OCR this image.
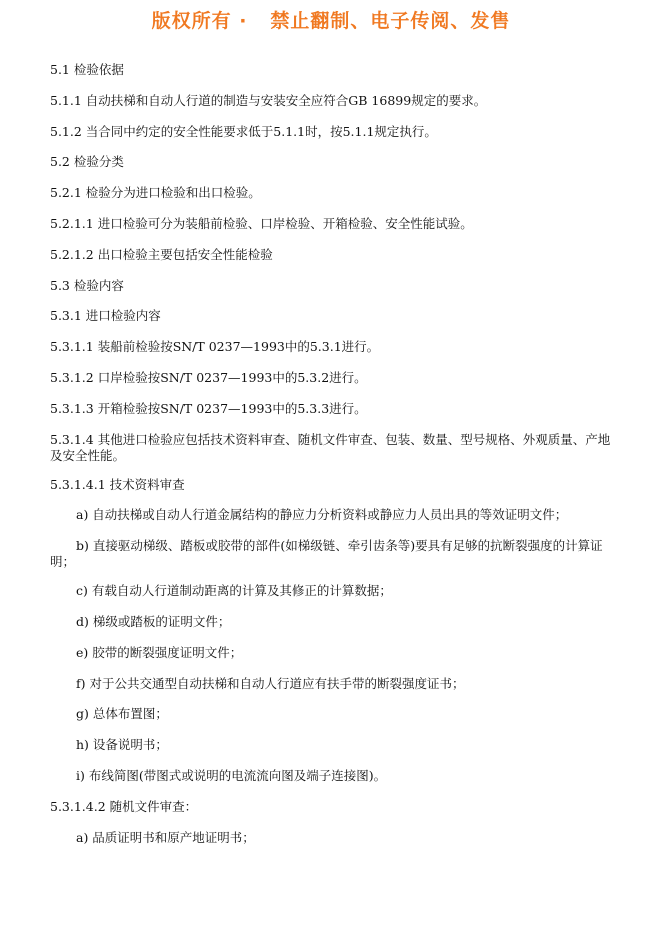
版权所有 ·   禁止翻制、电子传阅、发售

5.1 检验依据

5.1.1 自动扶梯和自动人行道的制造与安装安全应符合GB 16899规定的要求。

5.1.2 当合同中约定的安全性能要求低于5.1.1时，按5.1.1规定执行。

5.2 检验分类

5.2.1 检验分为进口检验和出口检验。

5.2.1.1 进口检验可分为装船前检验、口岸检验、开箱检验、安全性能试验。

5.2.1.2 出口检验主要包括安全性能检验

5.3 检验内容

5.3.1 进口检验内容

5.3.1.1 装船前检验按SN/T 0237—1993中的5.3.1进行。

5.3.1.2 口岸检验按SN/T 0237—1993中的5.3.2进行。

5.3.1.3 开箱检验按SN/T 0237—1993中的5.3.3进行。

5.3.1.4 其他进口检验应包括技术资料审查、随机文件审查、包装、数量、型号规格、外观质量、产地及安全性能。

5.3.1.4.1 技术资料审查

a) 自动扶梯或自动人行道金属结构的静应力分析资料或静应力人员出具的等效证明文件；

b) 直接驱动梯级、踏板或胶带的部件(如梯级链、牵引齿条等)要具有足够的抗断裂强度的计算证明；

c) 有载自动人行道制动距离的计算及其修正的计算数据；

d) 梯级或踏板的证明文件；

e) 胶带的断裂强度证明文件；

f) 对于公共交通型自动扶梯和自动人行道应有扶手带的断裂强度证书；

g) 总体布置图；

h) 设备说明书；

i) 布线简图(带图式或说明的电流流向图及端子连接图)。

5.3.1.4.2 随机文件审查：

a) 品质证明书和原产地证明书；
